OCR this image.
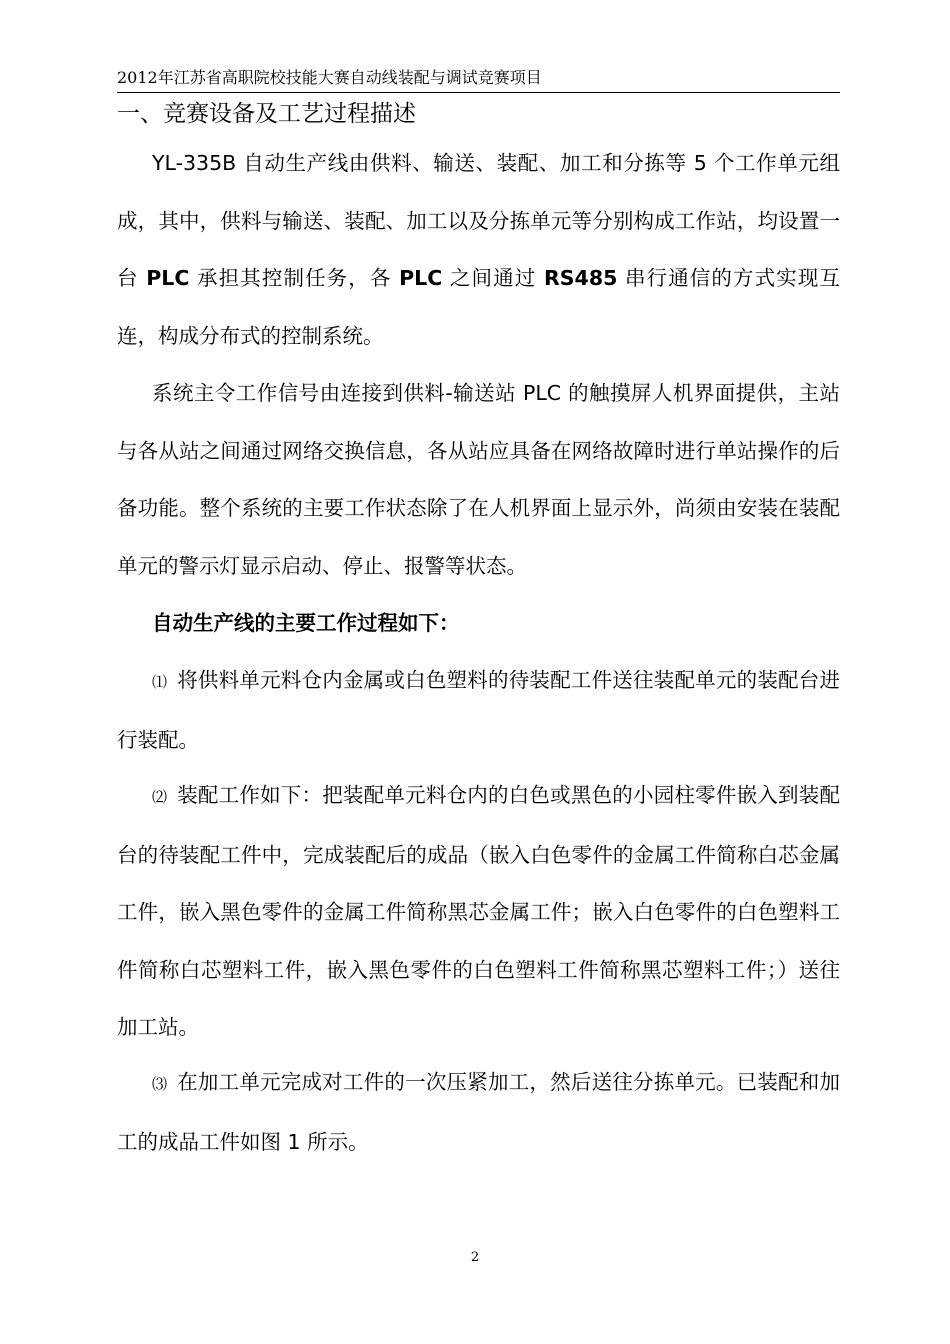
2012年江苏省高职院校技能大赛自动线装配与调试竞赛项目
一、竞赛设备及工艺过程描述
YL-335B 自动生产线由供料、输送、装配、加工和分拣等 5 个工作单元组成，其中，供料与输送、装配、加工以及分拣单元等分别构成工作站，均设置一台 PLC 承担其控制任务，各 PLC 之间通过 RS485 串行通信的方式实现互连，构成分布式的控制系统。
系统主令工作信号由连接到供料-输送站 PLC 的触摸屏人机界面提供，主站与各从站之间通过网络交换信息，各从站应具备在网络故障时进行单站操作的后备功能。整个系统的主要工作状态除了在人机界面上显示外，尚须由安装在装配单元的警示灯显示启动、停止、报警等状态。
自动生产线的主要工作过程如下：
⑴ 将供料单元料仓内金属或白色塑料的待装配工件送往装配单元的装配台进行装配。
⑵ 装配工作如下：把装配单元料仓内的白色或黑色的小园柱零件嵌入到装配台的待装配工件中，完成装配后的成品（嵌入白色零件的金属工件简称白芯金属工件，嵌入黑色零件的金属工件简称黑芯金属工件；嵌入白色零件的白色塑料工件简称白芯塑料工件，嵌入黑色零件的白色塑料工件简称黑芯塑料工件；）送往加工站。
⑶ 在加工单元完成对工件的一次压紧加工，然后送往分拣单元。已装配和加工的成品工件如图 1 所示。
2
